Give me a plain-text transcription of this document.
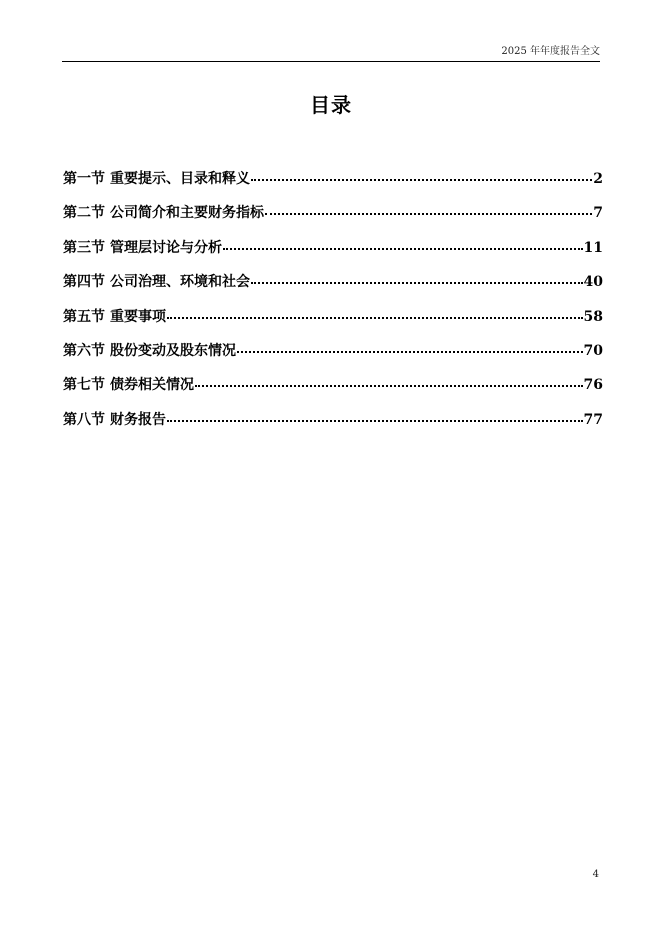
2025 年年度报告全文
目录
第一节 重要提示、目录和释义	2
第二节 公司简介和主要财务指标	7
第三节 管理层讨论与分析	11
第四节 公司治理、环境和社会	40
第五节 重要事项	58
第六节 股份变动及股东情况	70
第七节 债券相关情况	76
第八节 财务报告	77
4
